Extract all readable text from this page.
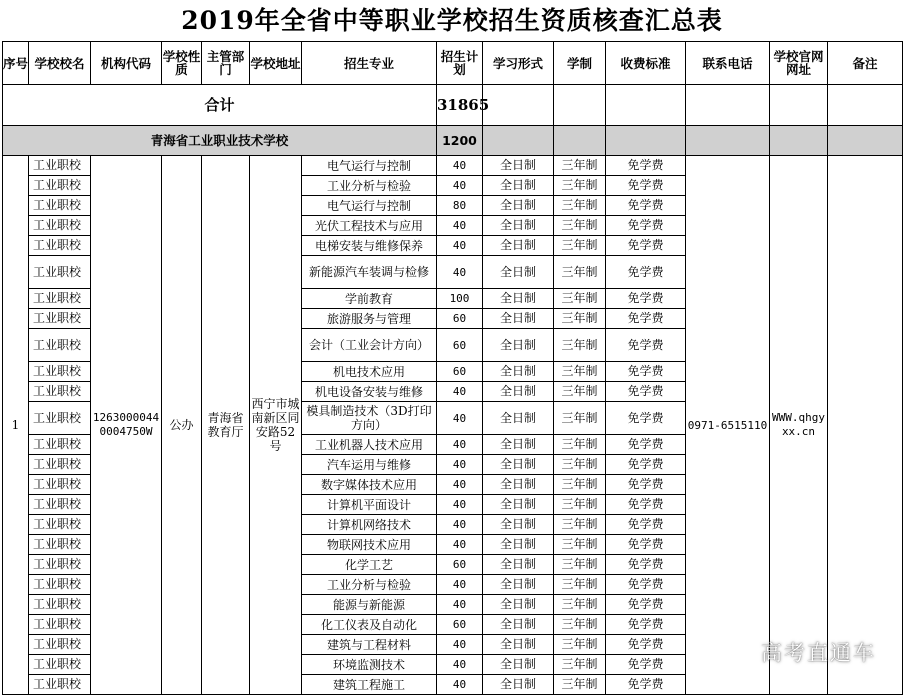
2019年全省中等职业学校招生资质核查汇总表
序号	学校校名	机构代码	学校性质	主管部门	学校地址	招生专业	招生计划	学习形式	学制	收费标准	联系电话	学校官网网址	备注
合计							31865						
青海省工业职业技术学校							1200						
1	工业职校	12630000440004750W	公办	青海省教育厅	西宁市城南新区同安路52号	电气运行与控制	40	全日制	三年制	免学费	0971-6515110	WWW.qhgyxx.cn	
	工业职校					工业分析与检验	40	全日制	三年制	免学费			
	工业职校					电气运行与控制	80	全日制	三年制	免学费			
	工业职校					光伏工程技术与应用	40	全日制	三年制	免学费			
	工业职校					电梯安装与维修保养	40	全日制	三年制	免学费			
	工业职校					新能源汽车装调与检修	40	全日制	三年制	免学费			
	工业职校					学前教育	100	全日制	三年制	免学费			
	工业职校					旅游服务与管理	60	全日制	三年制	免学费			
	工业职校					会计（工业会计方向）	60	全日制	三年制	免学费			
	工业职校					机电技术应用	60	全日制	三年制	免学费			
	工业职校					机电设备安装与维修	40	全日制	三年制	免学费			
	工业职校					模具制造技术（3D打印方向）	40	全日制	三年制	免学费			
	工业职校					工业机器人技术应用	40	全日制	三年制	免学费			
	工业职校					汽车运用与维修	40	全日制	三年制	免学费			
	工业职校					数字媒体技术应用	40	全日制	三年制	免学费			
	工业职校					计算机平面设计	40	全日制	三年制	免学费			
	工业职校					计算机网络技术	40	全日制	三年制	免学费			
	工业职校					物联网技术应用	40	全日制	三年制	免学费			
	工业职校					化学工艺	60	全日制	三年制	免学费			
	工业职校					工业分析与检验	40	全日制	三年制	免学费			
	工业职校					能源与新能源	40	全日制	三年制	免学费			
	工业职校					化工仪表及自动化	60	全日制	三年制	免学费			
	工业职校					建筑与工程材料	40	全日制	三年制	免学费			
	工业职校					环境监测技术	40	全日制	三年制	免学费			
	工业职校					建筑工程施工	40	全日制	三年制	免学费			
高考直通车
